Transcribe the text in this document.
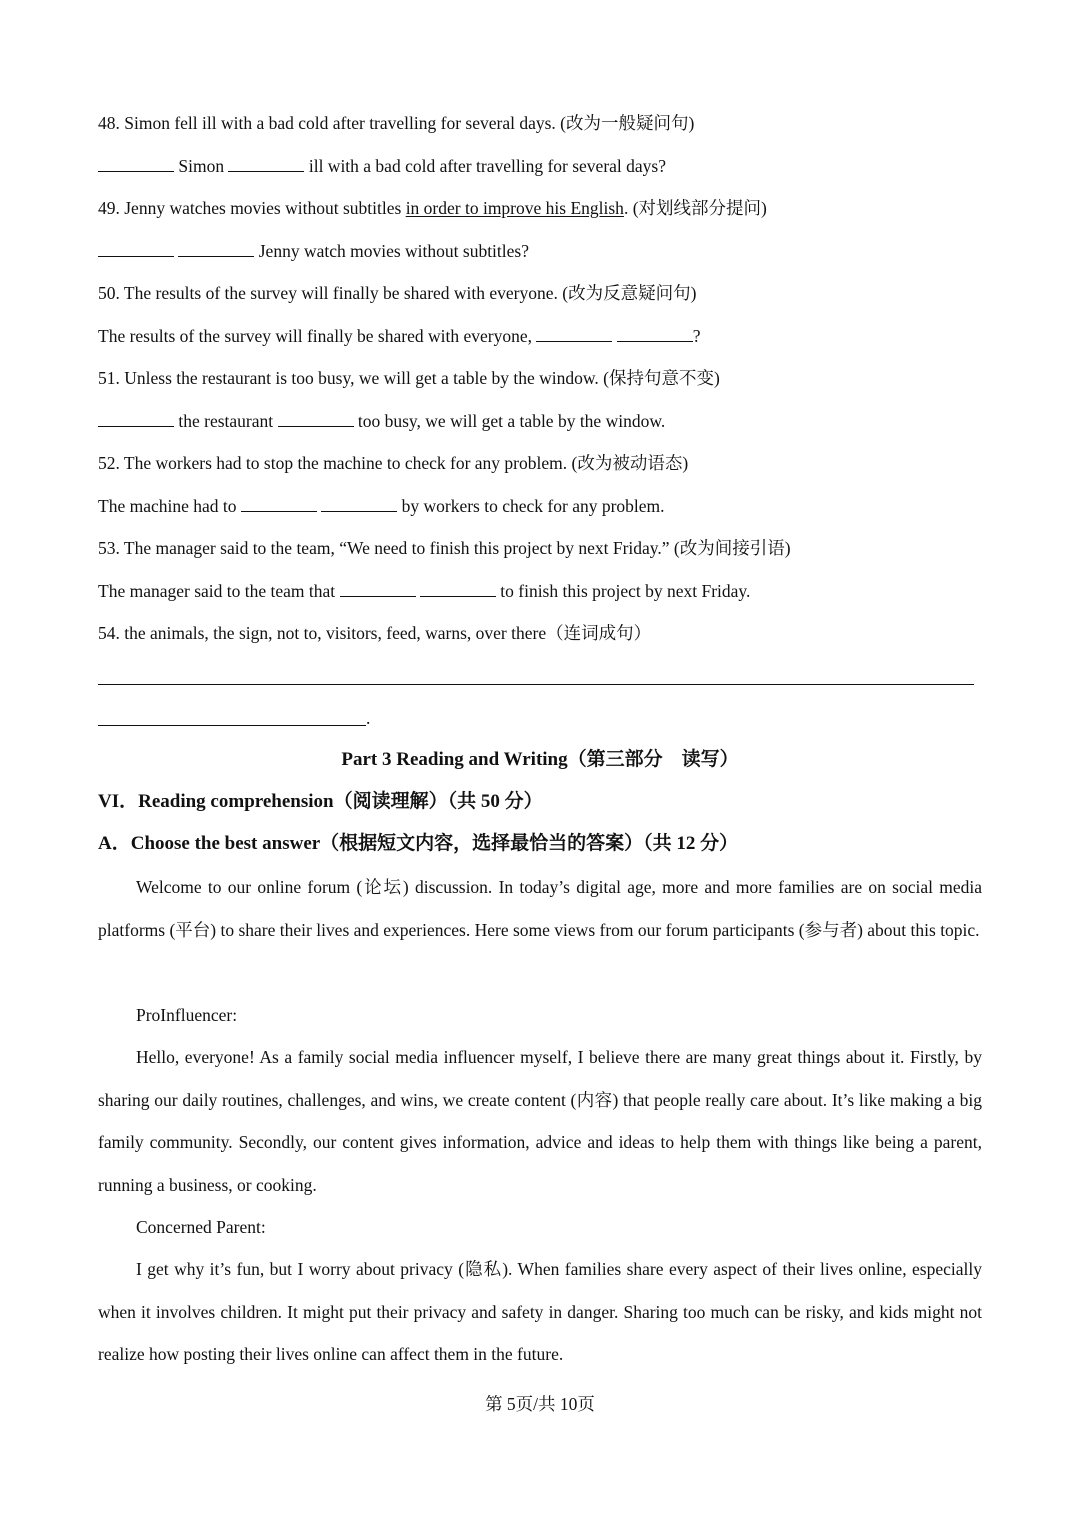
48. Simon fell ill with a bad cold after travelling for several days. (改为一般疑问句)
Simon	ill with a bad cold after travelling for several days?
49. Jenny watches movies without subtitles in order to improve his English. (对划线部分提问)
Jenny watch movies without subtitles?
50. The results of the survey will finally be shared with everyone. (改为反意疑问句)
The results of the survey will finally be shared with everyone,	?
51. Unless the restaurant is too busy, we will get a table by the window. (保持句意不变)
the restaurant	too busy, we will get a table by the window.
52. The workers had to stop the machine to check for any problem. (改为被动语态)
The machine had to	by workers to check for any problem.
53. The manager said to the team, “We need to finish this project by next Friday.” (改为间接引语)
The manager said to the team that	to finish this project by next Friday.
54. the animals, the sign, not to, visitors, feed, warns, over there（连词成句）
.
Part 3 Reading and Writing（第三部分　读写）
VI．Reading comprehension（阅读理解）（共 50 分）
A．Choose the best answer（根据短文内容，选择最恰当的答案）（共 12 分）
Welcome to our online forum (论坛) discussion. In today’s digital age, more and more families are on social media platforms (平台) to share their lives and experiences. Here some views from our forum participants (参与者) about this topic.
ProInfluencer:
Hello, everyone! As a family social media influencer myself, I believe there are many great things about it. Firstly, by sharing our daily routines, challenges, and wins, we create content (内容) that people really care about. It’s like making a big family community. Secondly, our content gives information, advice and ideas to help them with things like being a parent, running a business, or cooking.
Concerned Parent:
I get why it’s fun, but I worry about privacy (隐私). When families share every aspect of their lives online, especially when it involves children. It might put their privacy and safety in danger. Sharing too much can be risky, and kids might not realize how posting their lives online can affect them in the future.
第 5页/共 10页
